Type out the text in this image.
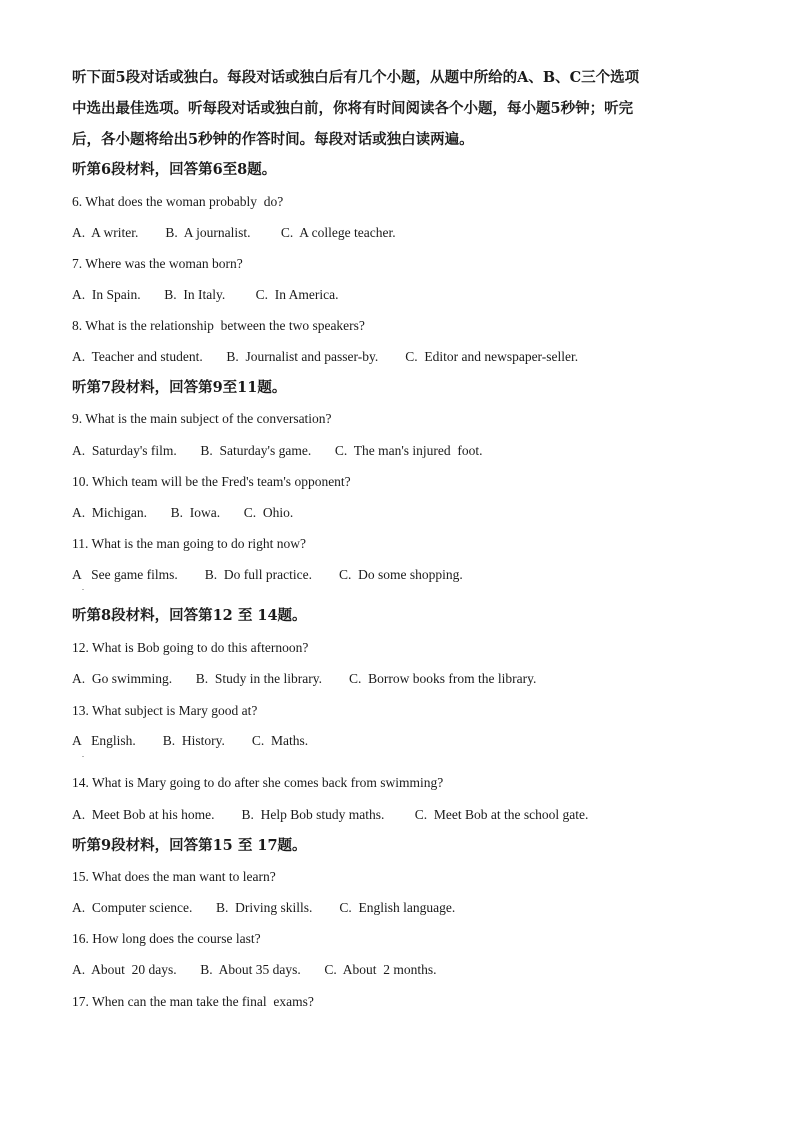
听下面5段对话或独白。每段对话或独白后有几个小题，从题中所给的A、B、C三个选项

中选出最佳选项。听每段对话或独白前，你将有时间阅读各个小题，每小题5秒钟；听完

后，各小题将给出5秒钟的作答时间。每段对话或独白读两遍。

听第6段材料，回答第6至8题。

6. What does the woman probably  do?

A.  A writer.        B.  A journalist.         C.  A college teacher.

7. Where was the woman born?

A.  In Spain.       B.  In Italy.         C.  In America.

8. What is the relationship  between the two speakers?

A.  Teacher and student.       B.  Journalist and passer-by.        C.  Editor and newspaper-seller.

听第7段材料，回答第9至11题。

9. What is the main subject of the conversation?

A.  Saturday's film.       B.  Saturday's game.       C.  The man's injured  foot.

10. Which team will be the Fred's team's opponent?

A.  Michigan.       B.  Iowa.       C.  Ohio.

11. What is the man going to do right now?

A   See game films.        B.  Do full practice.        C.  Do some shopping.

听第8段材料，回答第12 至 14题。

12. What is Bob going to do this afternoon?

A.  Go swimming.       B.  Study in the library.        C.  Borrow books from the library.

13. What subject is Mary good at?

A   English.        B.  History.        C.  Maths.

14. What is Mary going to do after she comes back from swimming?

A.  Meet Bob at his home.        B.  Help Bob study maths.         C.  Meet Bob at the school gate.

听第9段材料，回答第15 至 17题。

15. What does the man want to learn?

A.  Computer science.       B.  Driving skills.        C.  English language.

16. How long does the course last?

A.  About  20 days.       B.  About 35 days.       C.  About  2 months.

17. When can the man take the final  exams?

.
.
